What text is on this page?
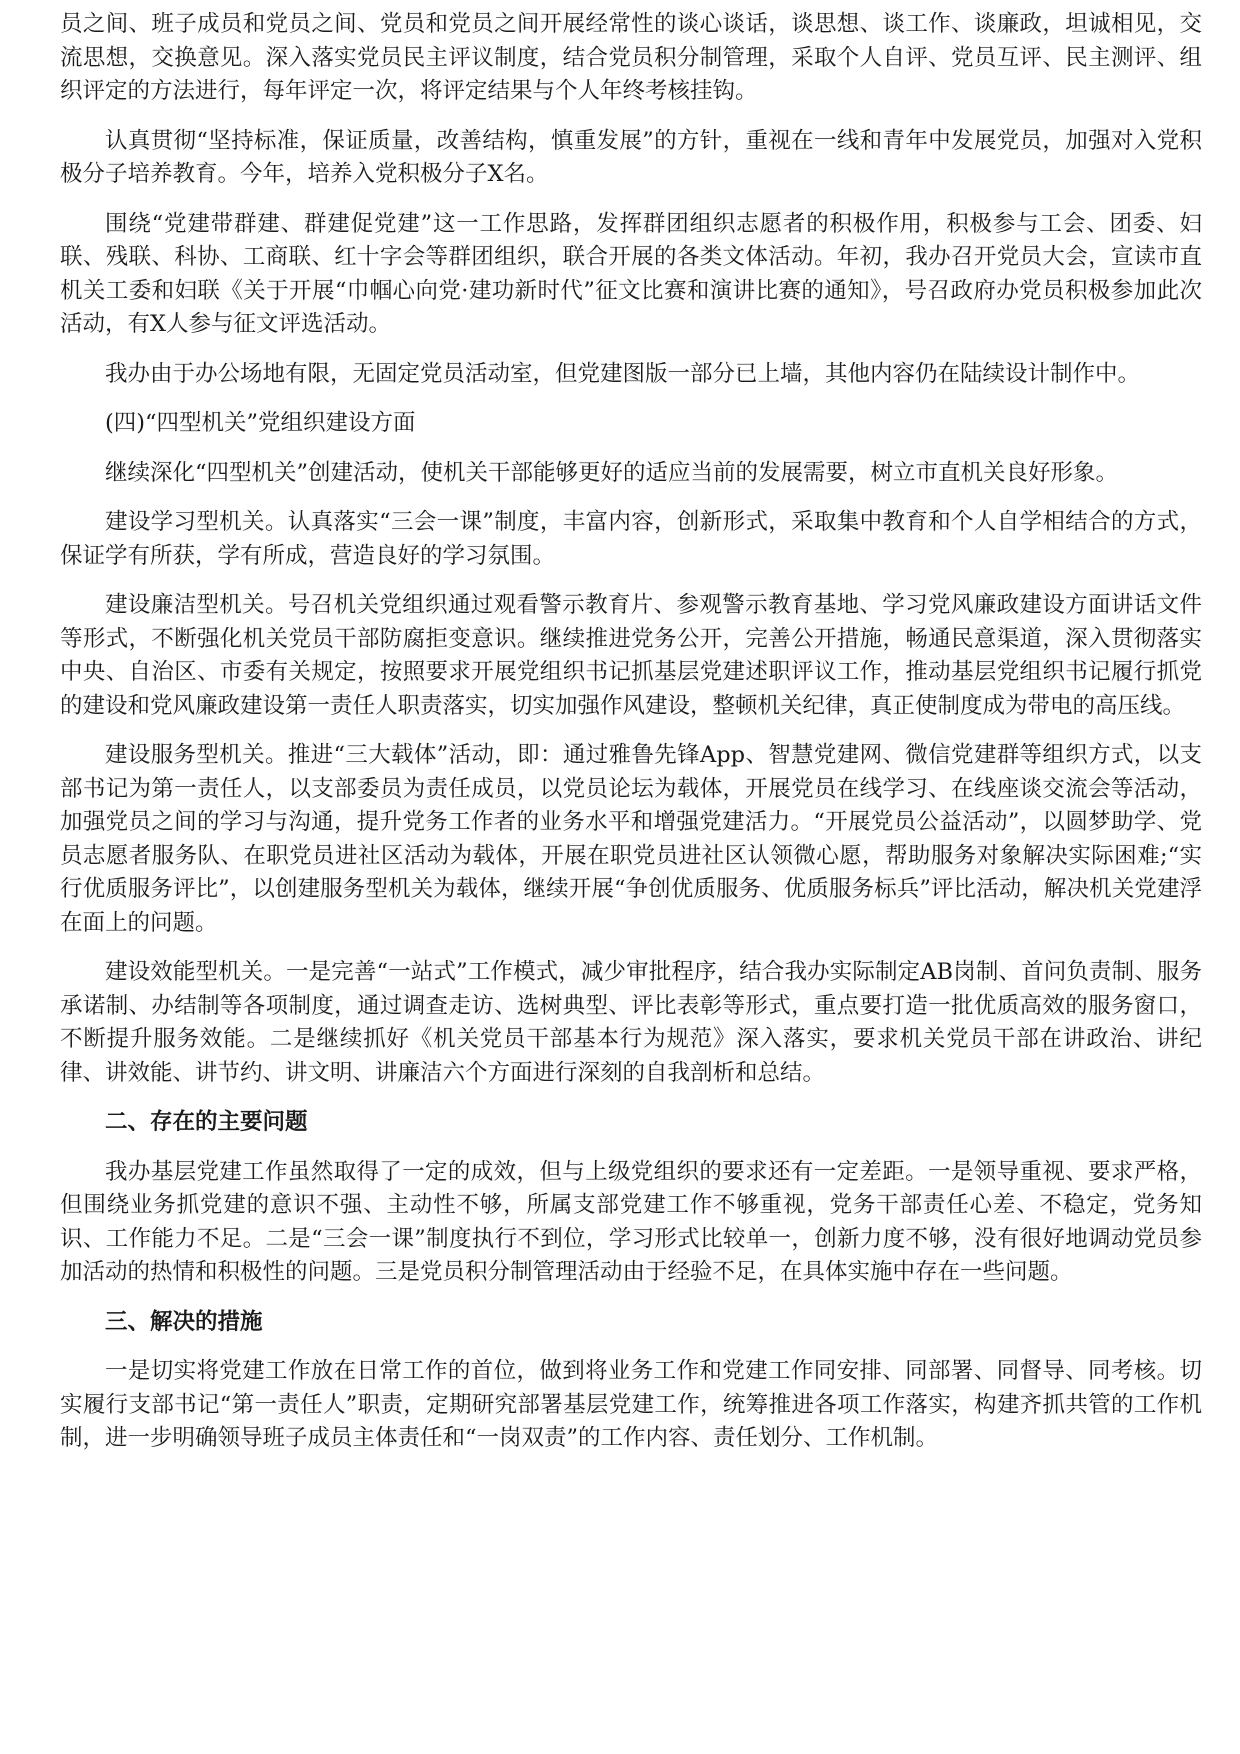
员之间、班子成员和党员之间、党员和党员之间开展经常性的谈心谈话，谈思想、谈工作、谈廉政，坦诚相见，交流思想，交换意见。深入落实党员民主评议制度，结合党员积分制管理，采取个人自评、党员互评、民主测评、组织评定的方法进行，每年评定一次，将评定结果与个人年终考核挂钩。

认真贯彻“坚持标准，保证质量，改善结构，慎重发展”的方针，重视在一线和青年中发展党员，加强对入党积极分子培养教育。今年，培养入党积极分子X名。

围绕“党建带群建、群建促党建”这一工作思路，发挥群团组织志愿者的积极作用，积极参与工会、团委、妇联、残联、科协、工商联、红十字会等群团组织，联合开展的各类文体活动。年初，我办召开党员大会，宣读市直机关工委和妇联《关于开展“巾帼心向党·建功新时代”征文比赛和演讲比赛的通知》，号召政府办党员积极参加此次活动，有X人参与征文评选活动。

我办由于办公场地有限，无固定党员活动室，但党建图版一部分已上墙，其他内容仍在陆续设计制作中。

(四)“四型机关”党组织建设方面

继续深化“四型机关”创建活动，使机关干部能够更好的适应当前的发展需要，树立市直机关良好形象。

建设学习型机关。认真落实“三会一课”制度，丰富内容，创新形式，采取集中教育和个人自学相结合的方式，保证学有所获，学有所成，营造良好的学习氛围。

建设廉洁型机关。号召机关党组织通过观看警示教育片、参观警示教育基地、学习党风廉政建设方面讲话文件等形式，不断强化机关党员干部防腐拒变意识。继续推进党务公开，完善公开措施，畅通民意渠道，深入贯彻落实中央、自治区、市委有关规定，按照要求开展党组织书记抓基层党建述职评议工作，推动基层党组织书记履行抓党的建设和党风廉政建设第一责任人职责落实，切实加强作风建设，整顿机关纪律，真正使制度成为带电的高压线。

建设服务型机关。推进“三大载体”活动，即：通过雅鲁先锋App、智慧党建网、微信党建群等组织方式，以支部书记为第一责任人，以支部委员为责任成员，以党员论坛为载体，开展党员在线学习、在线座谈交流会等活动，加强党员之间的学习与沟通，提升党务工作者的业务水平和增强党建活力。“开展党员公益活动”，以圆梦助学、党员志愿者服务队、在职党员进社区活动为载体，开展在职党员进社区认领微心愿，帮助服务对象解决实际困难;“实行优质服务评比”，以创建服务型机关为载体，继续开展“争创优质服务、优质服务标兵”评比活动，解决机关党建浮在面上的问题。

建设效能型机关。一是完善“一站式”工作模式，减少审批程序，结合我办实际制定AB岗制、首问负责制、服务承诺制、办结制等各项制度，通过调查走访、选树典型、评比表彰等形式，重点要打造一批优质高效的服务窗口，不断提升服务效能。二是继续抓好《机关党员干部基本行为规范》深入落实，要求机关党员干部在讲政治、讲纪律、讲效能、讲节约、讲文明、讲廉洁六个方面进行深刻的自我剖析和总结。

二、存在的主要问题

我办基层党建工作虽然取得了一定的成效，但与上级党组织的要求还有一定差距。一是领导重视、要求严格，但围绕业务抓党建的意识不强、主动性不够，所属支部党建工作不够重视，党务干部责任心差、不稳定，党务知识、工作能力不足。二是“三会一课”制度执行不到位，学习形式比较单一，创新力度不够，没有很好地调动党员参加活动的热情和积极性的问题。三是党员积分制管理活动由于经验不足，在具体实施中存在一些问题。

三、解决的措施

一是切实将党建工作放在日常工作的首位，做到将业务工作和党建工作同安排、同部署、同督导、同考核。切实履行支部书记“第一责任人”职责，定期研究部署基层党建工作，统筹推进各项工作落实，构建齐抓共管的工作机制，进一步明确领导班子成员主体责任和“一岗双责”的工作内容、责任划分、工作机制。
